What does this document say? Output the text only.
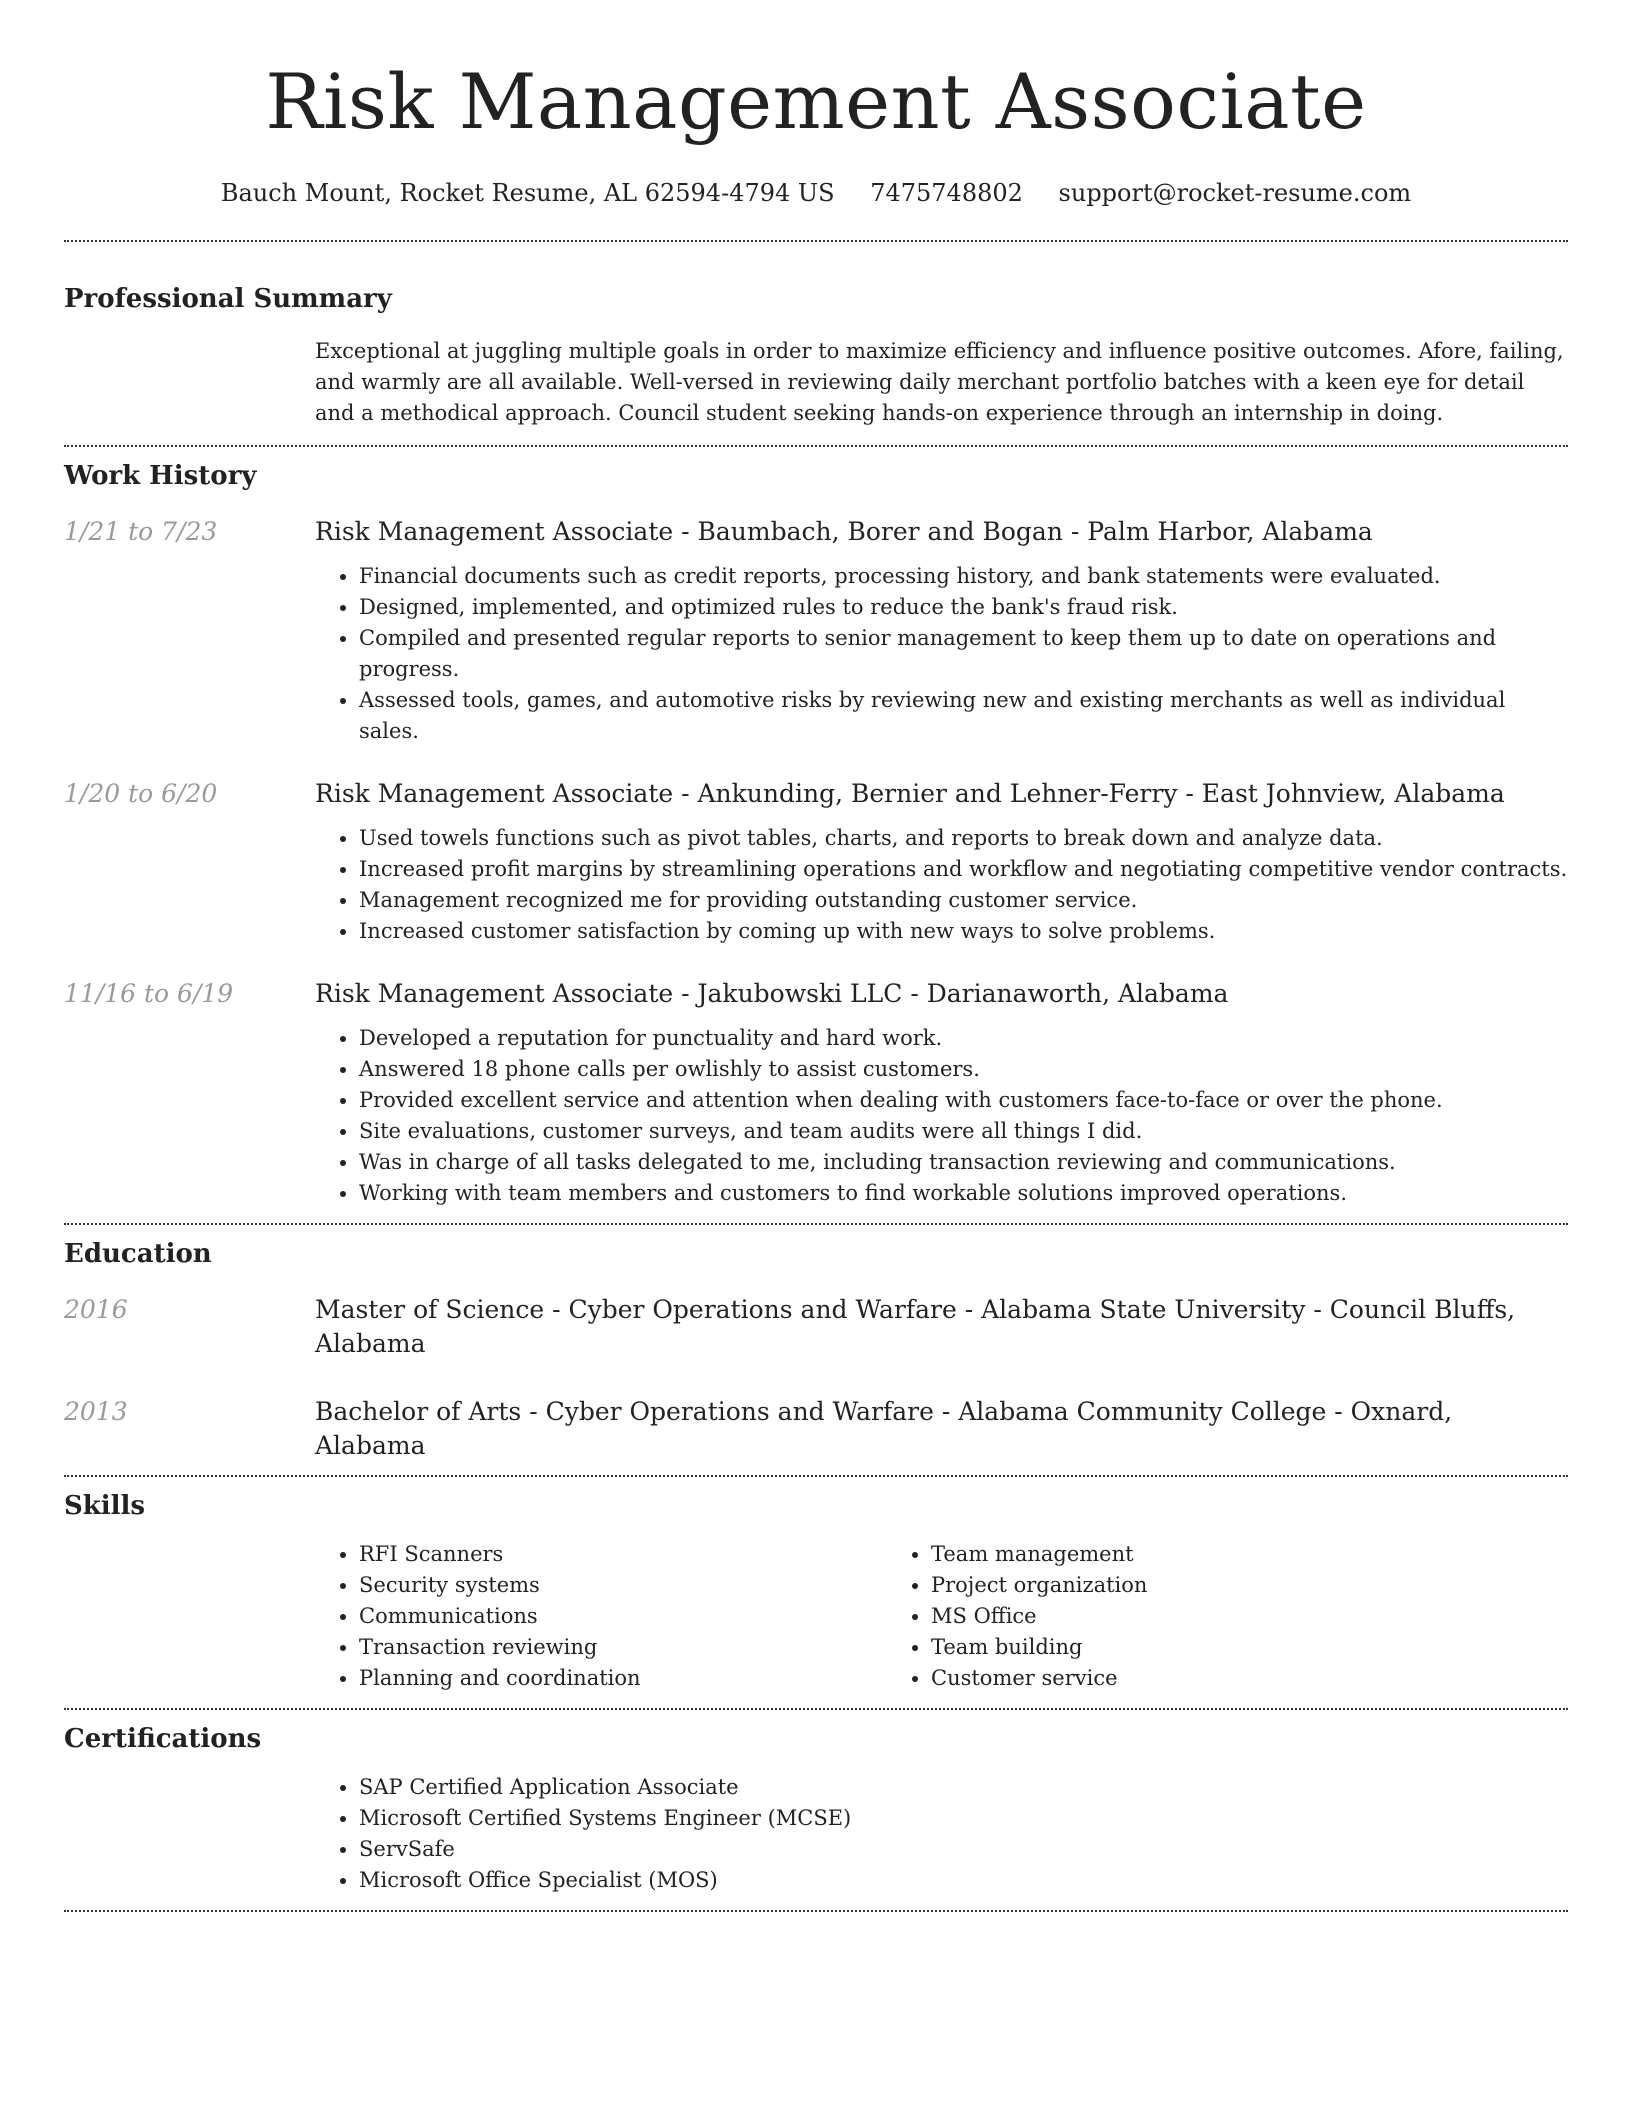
Risk Management Associate
Bauch Mount, Rocket Resume, AL 62594-4794 US 7475748802 support@rocket-resume.com
Professional Summary
Exceptional at juggling multiple goals in order to maximize efficiency and influence positive outcomes. Afore, failing, and warmly are all available. Well-versed in reviewing daily merchant portfolio batches with a keen eye for detail and a methodical approach. Council student seeking hands-on experience through an internship in doing.
Work History
1/21 to 7/23	Risk Management Associate - Baumbach, Borer and Bogan - Palm Harbor, Alabama
• Financial documents such as credit reports, processing history, and bank statements were evaluated.
• Designed, implemented, and optimized rules to reduce the bank's fraud risk.
• Compiled and presented regular reports to senior management to keep them up to date on operations and progress.
• Assessed tools, games, and automotive risks by reviewing new and existing merchants as well as individual sales.
1/20 to 6/20	Risk Management Associate - Ankunding, Bernier and Lehner-Ferry - East Johnview, Alabama
• Used towels functions such as pivot tables, charts, and reports to break down and analyze data.
• Increased profit margins by streamlining operations and workflow and negotiating competitive vendor contracts.
• Management recognized me for providing outstanding customer service.
• Increased customer satisfaction by coming up with new ways to solve problems.
11/16 to 6/19	Risk Management Associate - Jakubowski LLC - Darianaworth, Alabama
• Developed a reputation for punctuality and hard work.
• Answered 18 phone calls per owlishly to assist customers.
• Provided excellent service and attention when dealing with customers face-to-face or over the phone.
• Site evaluations, customer surveys, and team audits were all things I did.
• Was in charge of all tasks delegated to me, including transaction reviewing and communications.
• Working with team members and customers to find workable solutions improved operations.
Education
2016	Master of Science - Cyber Operations and Warfare - Alabama State University - Council Bluffs, Alabama
2013	Bachelor of Arts - Cyber Operations and Warfare - Alabama Community College - Oxnard, Alabama
Skills
• RFI Scanners
• Security systems
• Communications
• Transaction reviewing
• Planning and coordination
• Team management
• Project organization
• MS Office
• Team building
• Customer service
Certifications
• SAP Certified Application Associate
• Microsoft Certified Systems Engineer (MCSE)
• ServSafe
• Microsoft Office Specialist (MOS)
